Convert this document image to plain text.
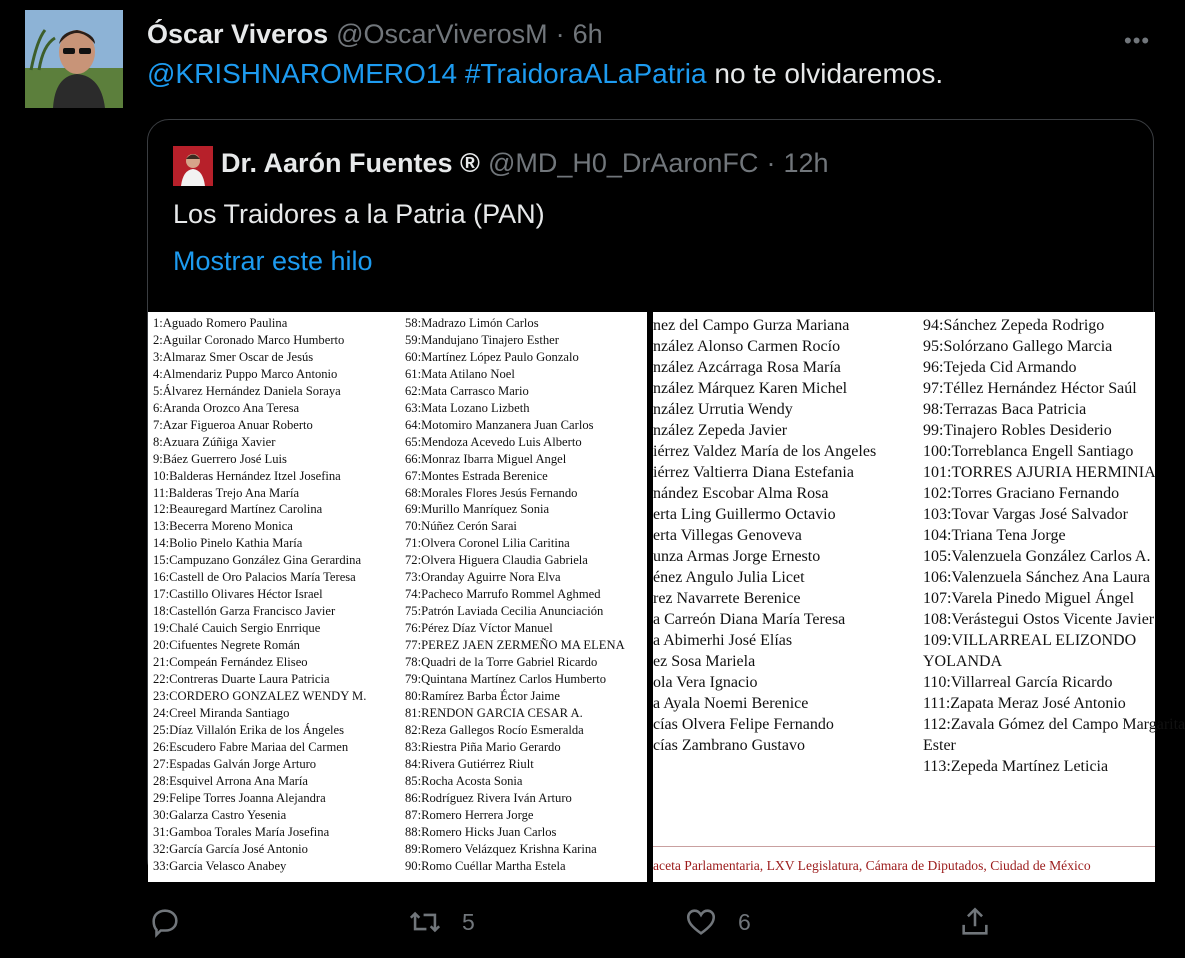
Óscar Viveros @OscarViverosM · 6h	•••
@KRISHNAROMERO14 #TraidoraALaPatria no te olvidaremos.
Dr. Aarón Fuentes ® @MD_H0_DrAaronFC · 12h
Los Traidores a la Patria (PAN)
Mostrar este hilo
1:Aguado Romero Paulina
2:Aguilar Coronado Marco Humberto
3:Almaraz Smer Oscar de Jesús
4:Almendariz Puppo Marco Antonio
5:Álvarez Hernández Daniela Soraya
6:Aranda Orozco Ana Teresa
7:Azar Figueroa Anuar Roberto
8:Azuara Zúñiga Xavier
9:Báez Guerrero José Luis
10:Balderas Hernández Itzel Josefina
11:Balderas Trejo Ana María
12:Beauregard Martínez Carolina
13:Becerra Moreno Monica
14:Bolio Pinelo Kathia María
15:Campuzano González Gina Gerardina
16:Castell de Oro Palacios María Teresa
17:Castillo Olivares Héctor Israel
18:Castellón Garza Francisco Javier
19:Chalé Cauich Sergio Enrrique
20:Cifuentes Negrete Román
21:Compeán Fernández Eliseo
22:Contreras Duarte Laura Patricia
23:CORDERO GONZALEZ WENDY M.
24:Creel Miranda Santiago
25:Díaz Villalón Erika de los Ángeles
26:Escudero Fabre Mariaa del Carmen
27:Espadas Galván Jorge Arturo
28:Esquivel Arrona Ana María
29:Felipe Torres Joanna Alejandra
30:Galarza Castro Yesenia
31:Gamboa Torales María Josefina
32:García García José Antonio
33:Garcia Velasco Anabey
58:Madrazo Limón Carlos
59:Mandujano Tinajero Esther
60:Martínez López Paulo Gonzalo
61:Mata Atilano Noel
62:Mata Carrasco Mario
63:Mata Lozano Lizbeth
64:Motomiro Manzanera Juan Carlos
65:Mendoza Acevedo Luis Alberto
66:Monraz Ibarra Miguel Angel
67:Montes Estrada Berenice
68:Morales Flores Jesús Fernando
69:Murillo Manríquez Sonia
70:Núñez Cerón Sarai
71:Olvera Coronel Lilia Caritina
72:Olvera Higuera Claudia Gabriela
73:Oranday Aguirre Nora Elva
74:Pacheco Marrufo Rommel Aghmed
75:Patrón Laviada Cecilia Anunciación
76:Pérez Díaz Víctor Manuel
77:PEREZ JAEN ZERMEÑO MA ELENA
78:Quadri de la Torre Gabriel Ricardo
79:Quintana Martínez Carlos Humberto
80:Ramírez Barba Éctor Jaime
81:RENDON GARCIA CESAR A.
82:Reza Gallegos Rocío Esmeralda
83:Riestra Piña Mario Gerardo
84:Rivera Gutiérrez Riult
85:Rocha Acosta Sonia
86:Rodríguez Rivera Iván Arturo
87:Romero Herrera Jorge
88:Romero Hicks Juan Carlos
89:Romero Velázquez Krishna Karina
90:Romo Cuéllar Martha Estela
nez del Campo Gurza Mariana
nzález Alonso Carmen Rocío
nzález Azcárraga Rosa María
nzález Márquez Karen Michel
nzález Urrutia Wendy
nzález Zepeda Javier
iérrez Valdez María de los Angeles
iérrez Valtierra Diana Estefania
nández Escobar Alma Rosa
erta Ling Guillermo Octavio
erta Villegas Genoveva
unza Armas Jorge Ernesto
énez Angulo Julia Licet
rez Navarrete Berenice
a Carreón Diana María Teresa
a Abimerhi José Elías
ez Sosa Mariela
ola Vera Ignacio
a Ayala Noemi Berenice
cías Olvera Felipe Fernando
cías Zambrano Gustavo
94:Sánchez Zepeda Rodrigo
95:Solórzano Gallego Marcia
96:Tejeda Cid Armando
97:Téllez Hernández Héctor Saúl
98:Terrazas Baca Patricia
99:Tinajero Robles Desiderio
100:Torreblanca Engell Santiago
101:TORRES AJURIA HERMINIA
102:Torres Graciano Fernando
103:Tovar Vargas José Salvador
104:Triana Tena Jorge
105:Valenzuela González Carlos A.
106:Valenzuela Sánchez Ana Laura
107:Varela Pinedo Miguel Ángel
108:Verástegui Ostos Vicente Javier
109:VILLARREAL ELIZONDO
YOLANDA
110:Villarreal García Ricardo
111:Zapata Meraz José Antonio
112:Zavala Gómez del Campo Margarita
Ester
113:Zepeda Martínez Leticia
aceta Parlamentaria, LXV Legislatura, Cámara de Diputados, Ciudad de México
5	6
